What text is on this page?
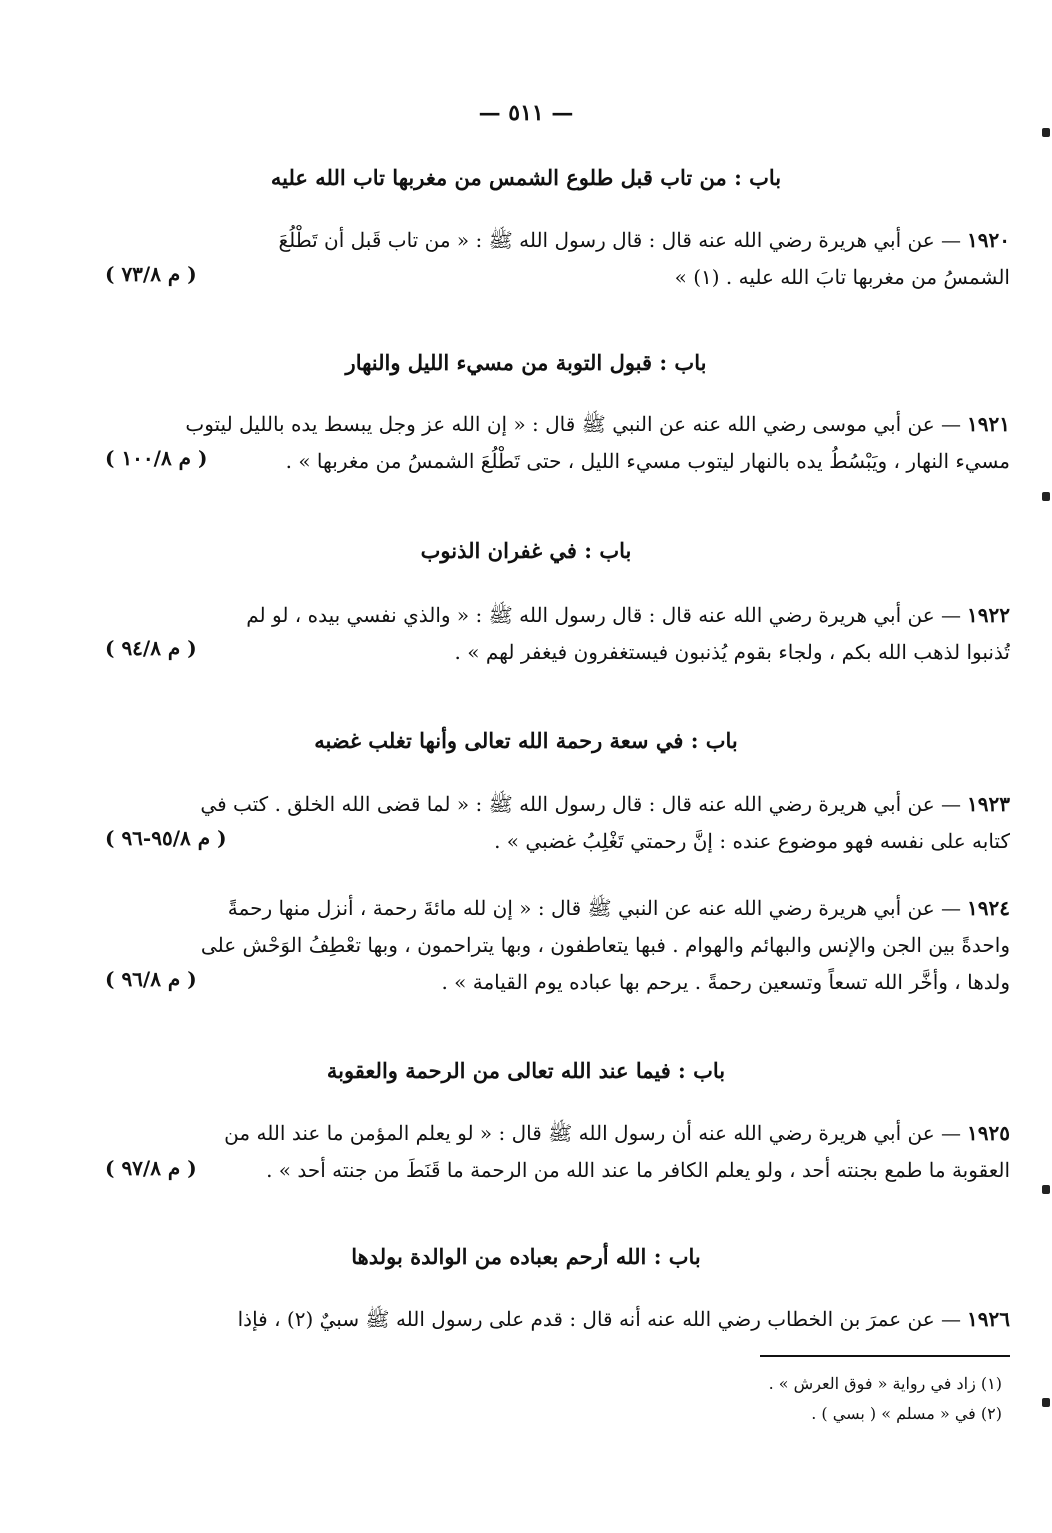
— ٥١١ —
باب : من تاب قبل طلوع الشمس من مغربها تاب الله عليه
١٩٢٠— عن أبي هريرة رضي الله عنه قال : قال رسول الله ﷺ : « من تاب قَبل أن تَطْلُعَ
الشمسُ من مغربها تابَ الله عليه . (١) »
( م ٧٣/٨ )
باب : قبول التوبة من مسيء الليل والنهار
١٩٢١— عن أبي موسى رضي الله عنه عن النبي ﷺ قال : « إن الله عز وجل يبسط يده بالليل ليتوب
مسيء النهار ، ويَبْسُطُ يده بالنهار ليتوب مسيء الليل ، حتى تَطْلُعَ الشمسُ من مغربها » .
( م ١٠٠/٨ )
باب : في غفران الذنوب
١٩٢٢— عن أبي هريرة رضي الله عنه قال : قال رسول الله ﷺ : « والذي نفسي بيده ، لو لم
تُذنبوا لذهب الله بكم ، ولجاء بقوم يُذنبون فيستغفرون فيغفر لهم » .
( م ٩٤/٨ )
باب : في سعة رحمة الله تعالى وأنها تغلب غضبه
١٩٢٣— عن أبي هريرة رضي الله عنه قال : قال رسول الله ﷺ : « لما قضى الله الخلق . كتب في
كتابه على نفسه فهو موضوع عنده : إنَّ رحمتي تَغْلِبُ غضبي » .
( م ٩٥/٨-٩٦ )
١٩٢٤— عن أبي هريرة رضي الله عنه عن النبي ﷺ قال : « إن لله مائةَ رحمة ، أنزل منها رحمةً
واحدةً بين الجن والإنس والبهائم والهوام . فبها يتعاطفون ، وبها يتراحمون ، وبها تعْطِفُ الوَحْش على
ولدها ، وأخَّر الله تسعاً وتسعين رحمةً . يرحم بها عباده يوم القيامة » .
( م ٩٦/٨ )
باب : فيما عند الله تعالى من الرحمة والعقوبة
١٩٢٥— عن أبي هريرة رضي الله عنه أن رسول الله ﷺ قال : « لو يعلم المؤمن ما عند الله من
العقوبة ما طمع بجنته أحد ، ولو يعلم الكافر ما عند الله من الرحمة ما قَنَطَ من جنته أحد » .
( م ٩٧/٨ )
باب : الله أرحم بعباده من الوالدة بولدها
١٩٢٦— عن عمرَ بن الخطاب رضي الله عنه أنه قال : قدم على رسول الله ﷺ سبيٌ (٢) ، فإذا
(١) زاد في رواية « فوق العرش » .
(٢) في « مسلم » ( بسي ) .
